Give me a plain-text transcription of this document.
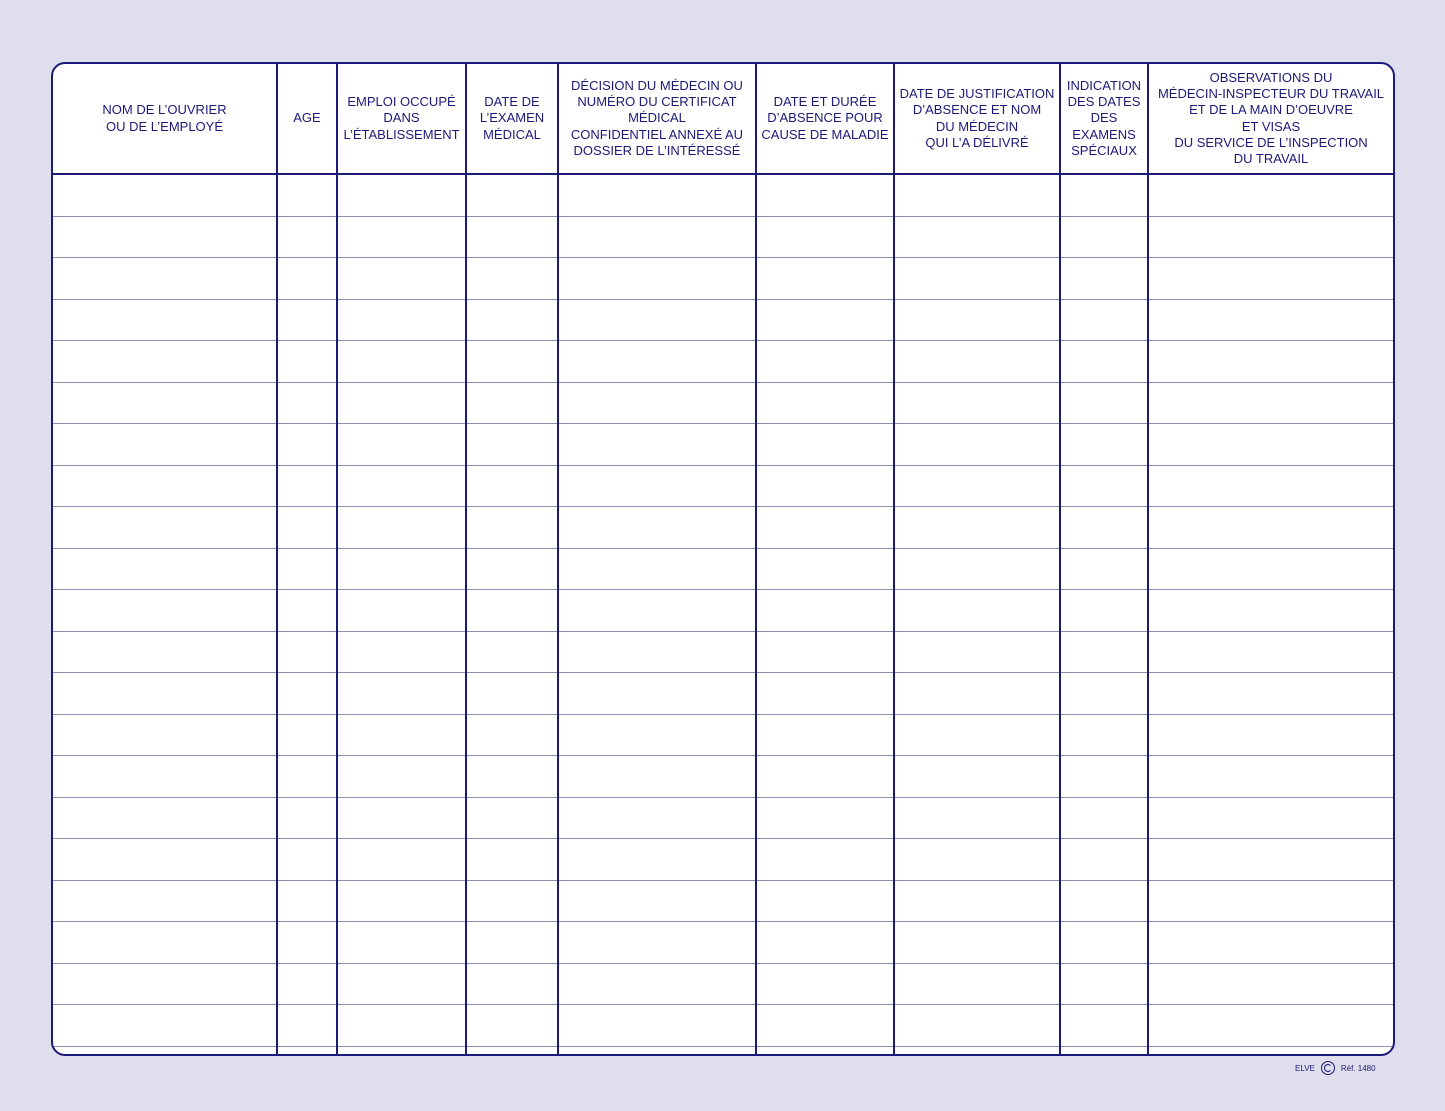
NOM DE L’OUVRIER
OU DE L’EMPLOYÉ
AGE
EMPLOI OCCUPÉ
DANS
L’ÉTABLISSEMENT
DATE DE
L’EXAMEN
MÉDICAL
DÉCISION DU MÉDECIN OU
NUMÉRO DU CERTIFICAT
MÉDICAL
CONFIDENTIEL ANNEXÉ AU
DOSSIER DE L’INTÉRESSÉ
DATE ET DURÉE
D’ABSENCE POUR
CAUSE DE MALADIE
DATE DE JUSTIFICATION
D’ABSENCE ET NOM
DU MÉDECIN
QUI L’A DÉLIVRÉ
INDICATION
DES DATES
DES
EXAMENS
SPÉCIAUX
OBSERVATIONS DU
MÉDECIN-INSPECTEUR DU TRAVAIL
ET DE LA MAIN D’OEUVRE
ET VISAS
DU SERVICE DE L’INSPECTION
DU TRAVAIL
ELVE	Réf. 1480
